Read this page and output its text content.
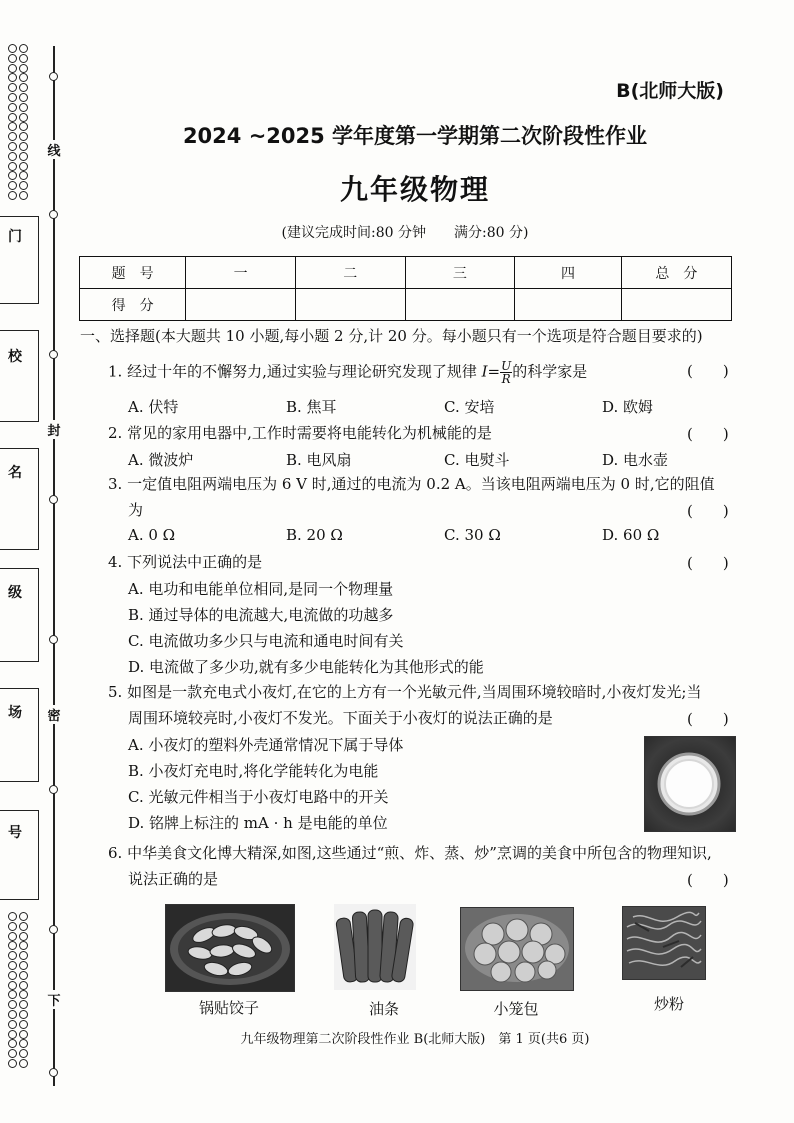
线
封
密
下
门
校
名
级
场
号
B(北师大版)
2024 ~2025 学年度第一学期第二次阶段性作业
九年级物理
(建议完成时间:80 分钟　　满分:80 分)
题　号	一	二	三	四	总　分
得　分					
一、选择题(本大题共 10 小题,每小题 2 分,计 20 分。每小题只有一个选项是符合题目要求的)
1. 经过十年的不懈努力,通过实验与理论研究发现了规律 $I= \frac{U}{R}$ 的科学家是	(　　)
A. 伏特	B. 焦耳	C. 安培	D. 欧姆
2. 常见的家用电器中,工作时需要将电能转化为机械能的是	(　　)
A. 微波炉	B. 电风扇	C. 电熨斗	D. 电水壶
3. 一定值电阻两端电压为 6 V 时,通过的电流为 0.2 A。当该电阻两端电压为 0 时,它的阻值
为	(　　)
A. 0 Ω	B. 20 Ω	C. 30 Ω	D. 60 Ω
4. 下列说法中正确的是	(　　)
A. 电功和电能单位相同,是同一个物理量
B. 通过导体的电流越大,电流做的功越多
C. 电流做功多少只与电流和通电时间有关
D. 电流做了多少功,就有多少电能转化为其他形式的能
5. 如图是一款充电式小夜灯,在它的上方有一个光敏元件,当周围环境较暗时,小夜灯发光;当
周围环境较亮时,小夜灯不发光。下面关于小夜灯的说法正确的是	(　　)
A. 小夜灯的塑料外壳通常情况下属于导体
B. 小夜灯充电时,将化学能转化为电能
C. 光敏元件相当于小夜灯电路中的开关
D. 铭牌上标注的 mA · h 是电能的单位
6. 中华美食文化博大精深,如图,这些通过“煎、炸、蒸、炒”烹调的美食中所包含的物理知识,
说法正确的是	(　　)
锅贴饺子	油条	小笼包	炒粉
九年级物理第二次阶段性作业 B(北师大版)　第 1 页(共6 页)
